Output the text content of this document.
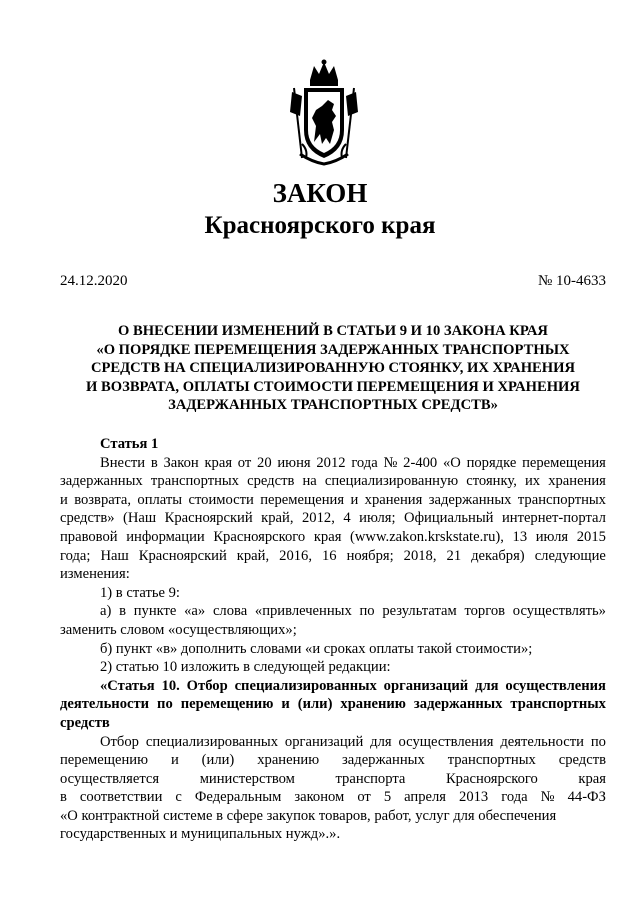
ЗАКОН
Красноярского края
24.12.2020	№ 10-4633
О ВНЕСЕНИИ ИЗМЕНЕНИЙ В СТАТЬИ 9 И 10 ЗАКОНА КРАЯ
«О ПОРЯДКЕ ПЕРЕМЕЩЕНИЯ ЗАДЕРЖАННЫХ ТРАНСПОРТНЫХ
СРЕДСТВ НА СПЕЦИАЛИЗИРОВАННУЮ СТОЯНКУ, ИХ ХРАНЕНИЯ
И ВОЗВРАТА, ОПЛАТЫ СТОИМОСТИ ПЕРЕМЕЩЕНИЯ И ХРАНЕНИЯ
ЗАДЕРЖАННЫХ ТРАНСПОРТНЫХ СРЕДСТВ»
Статья 1
Внести в Закон края от 20 июня 2012 года № 2-400 «О порядке перемещения
задержанных транспортных средств на специализированную стоянку, их хранения
и возврата, оплаты стоимости перемещения и хранения задержанных транспортных
средств» (Наш Красноярский край, 2012, 4 июля; Официальный интернет-портал
правовой информации Красноярского края (www.zakon.krskstate.ru), 13 июля 2015
года; Наш Красноярский край, 2016, 16 ноября; 2018, 21 декабря) следующие
изменения:
1) в статье 9:
а) в пункте «а» слова «привлеченных по результатам торгов осуществлять»
заменить словом «осуществляющих»;
б) пункт «в» дополнить словами «и сроках оплаты такой стоимости»;
2) статью 10 изложить в следующей редакции:
«Статья 10. Отбор специализированных организаций для осуществления
деятельности по перемещению и (или) хранению задержанных транспортных
средств
Отбор специализированных организаций для осуществления деятельности по
перемещению и (или) хранению задержанных транспортных средств
осуществляется	министерством	транспорта	Красноярского	края
в соответствии с Федеральным законом от 5 апреля 2013 года № 44-ФЗ
«О контрактной системе в сфере закупок товаров, работ, услуг для обеспечения
государственных и муниципальных нужд».».
